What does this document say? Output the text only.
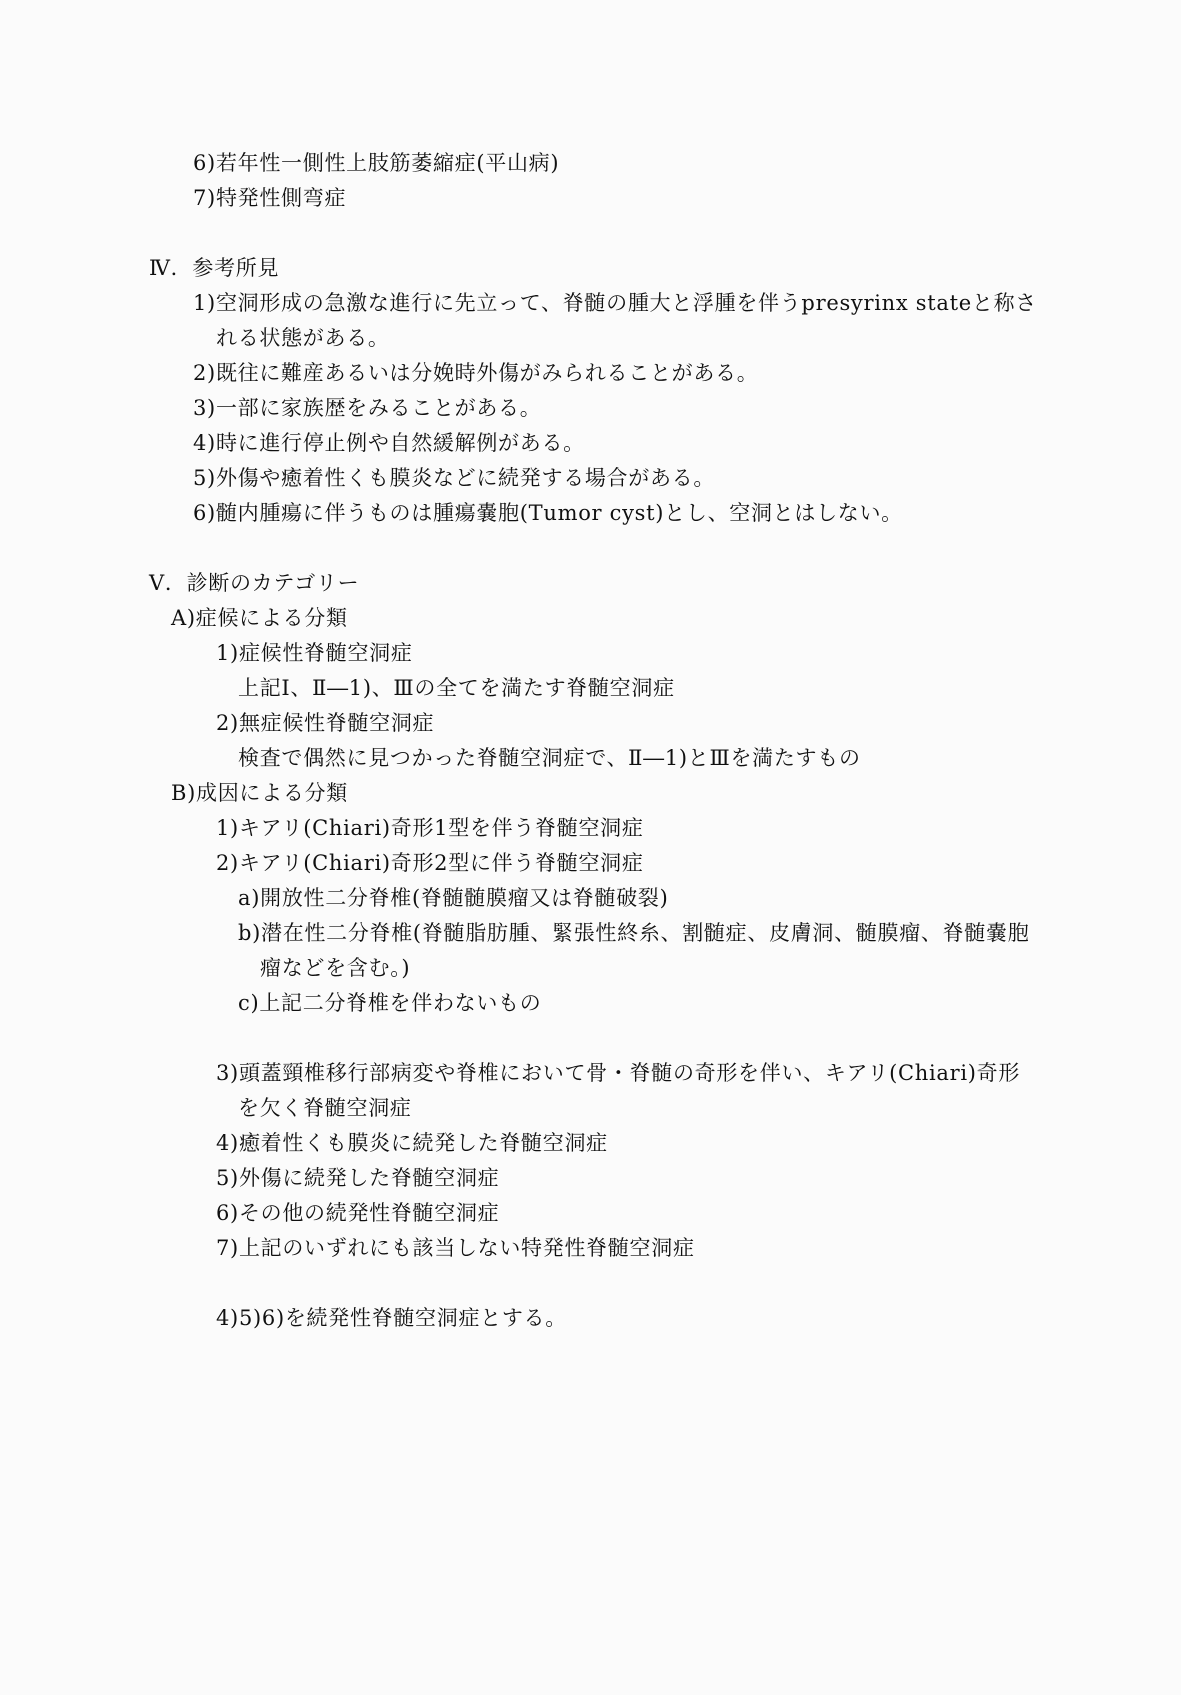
6)若年性一側性上肢筋萎縮症(平山病)
7)特発性側弯症
Ⅳ．参考所見
1)空洞形成の急激な進行に先立って、脊髄の腫大と浮腫を伴うpresyrinx stateと称さ
れる状態がある。
2)既往に難産あるいは分娩時外傷がみられることがある。
3)一部に家族歴をみることがある。
4)時に進行停止例や自然緩解例がある。
5)外傷や癒着性くも膜炎などに続発する場合がある。
6)髄内腫瘍に伴うものは腫瘍嚢胞(Tumor cyst)とし、空洞とはしない。
Ⅴ．診断のカテゴリー
A)症候による分類
1)症候性脊髄空洞症
上記Ⅰ、Ⅱ―1)、Ⅲの全てを満たす脊髄空洞症
2)無症候性脊髄空洞症
検査で偶然に見つかった脊髄空洞症で、Ⅱ―1)とⅢを満たすもの
B)成因による分類
1)キアリ(Chiari)奇形1型を伴う脊髄空洞症
2)キアリ(Chiari)奇形2型に伴う脊髄空洞症
a)開放性二分脊椎(脊髄髄膜瘤又は脊髄破裂)
b)潜在性二分脊椎(脊髄脂肪腫、緊張性終糸、割髄症、皮膚洞、髄膜瘤、脊髄嚢胞
瘤などを含む。)
c)上記二分脊椎を伴わないもの
3)頭蓋頸椎移行部病変や脊椎において骨・脊髄の奇形を伴い、キアリ(Chiari)奇形
を欠く脊髄空洞症
4)癒着性くも膜炎に続発した脊髄空洞症
5)外傷に続発した脊髄空洞症
6)その他の続発性脊髄空洞症
7)上記のいずれにも該当しない特発性脊髄空洞症
4)5)6)を続発性脊髄空洞症とする。
